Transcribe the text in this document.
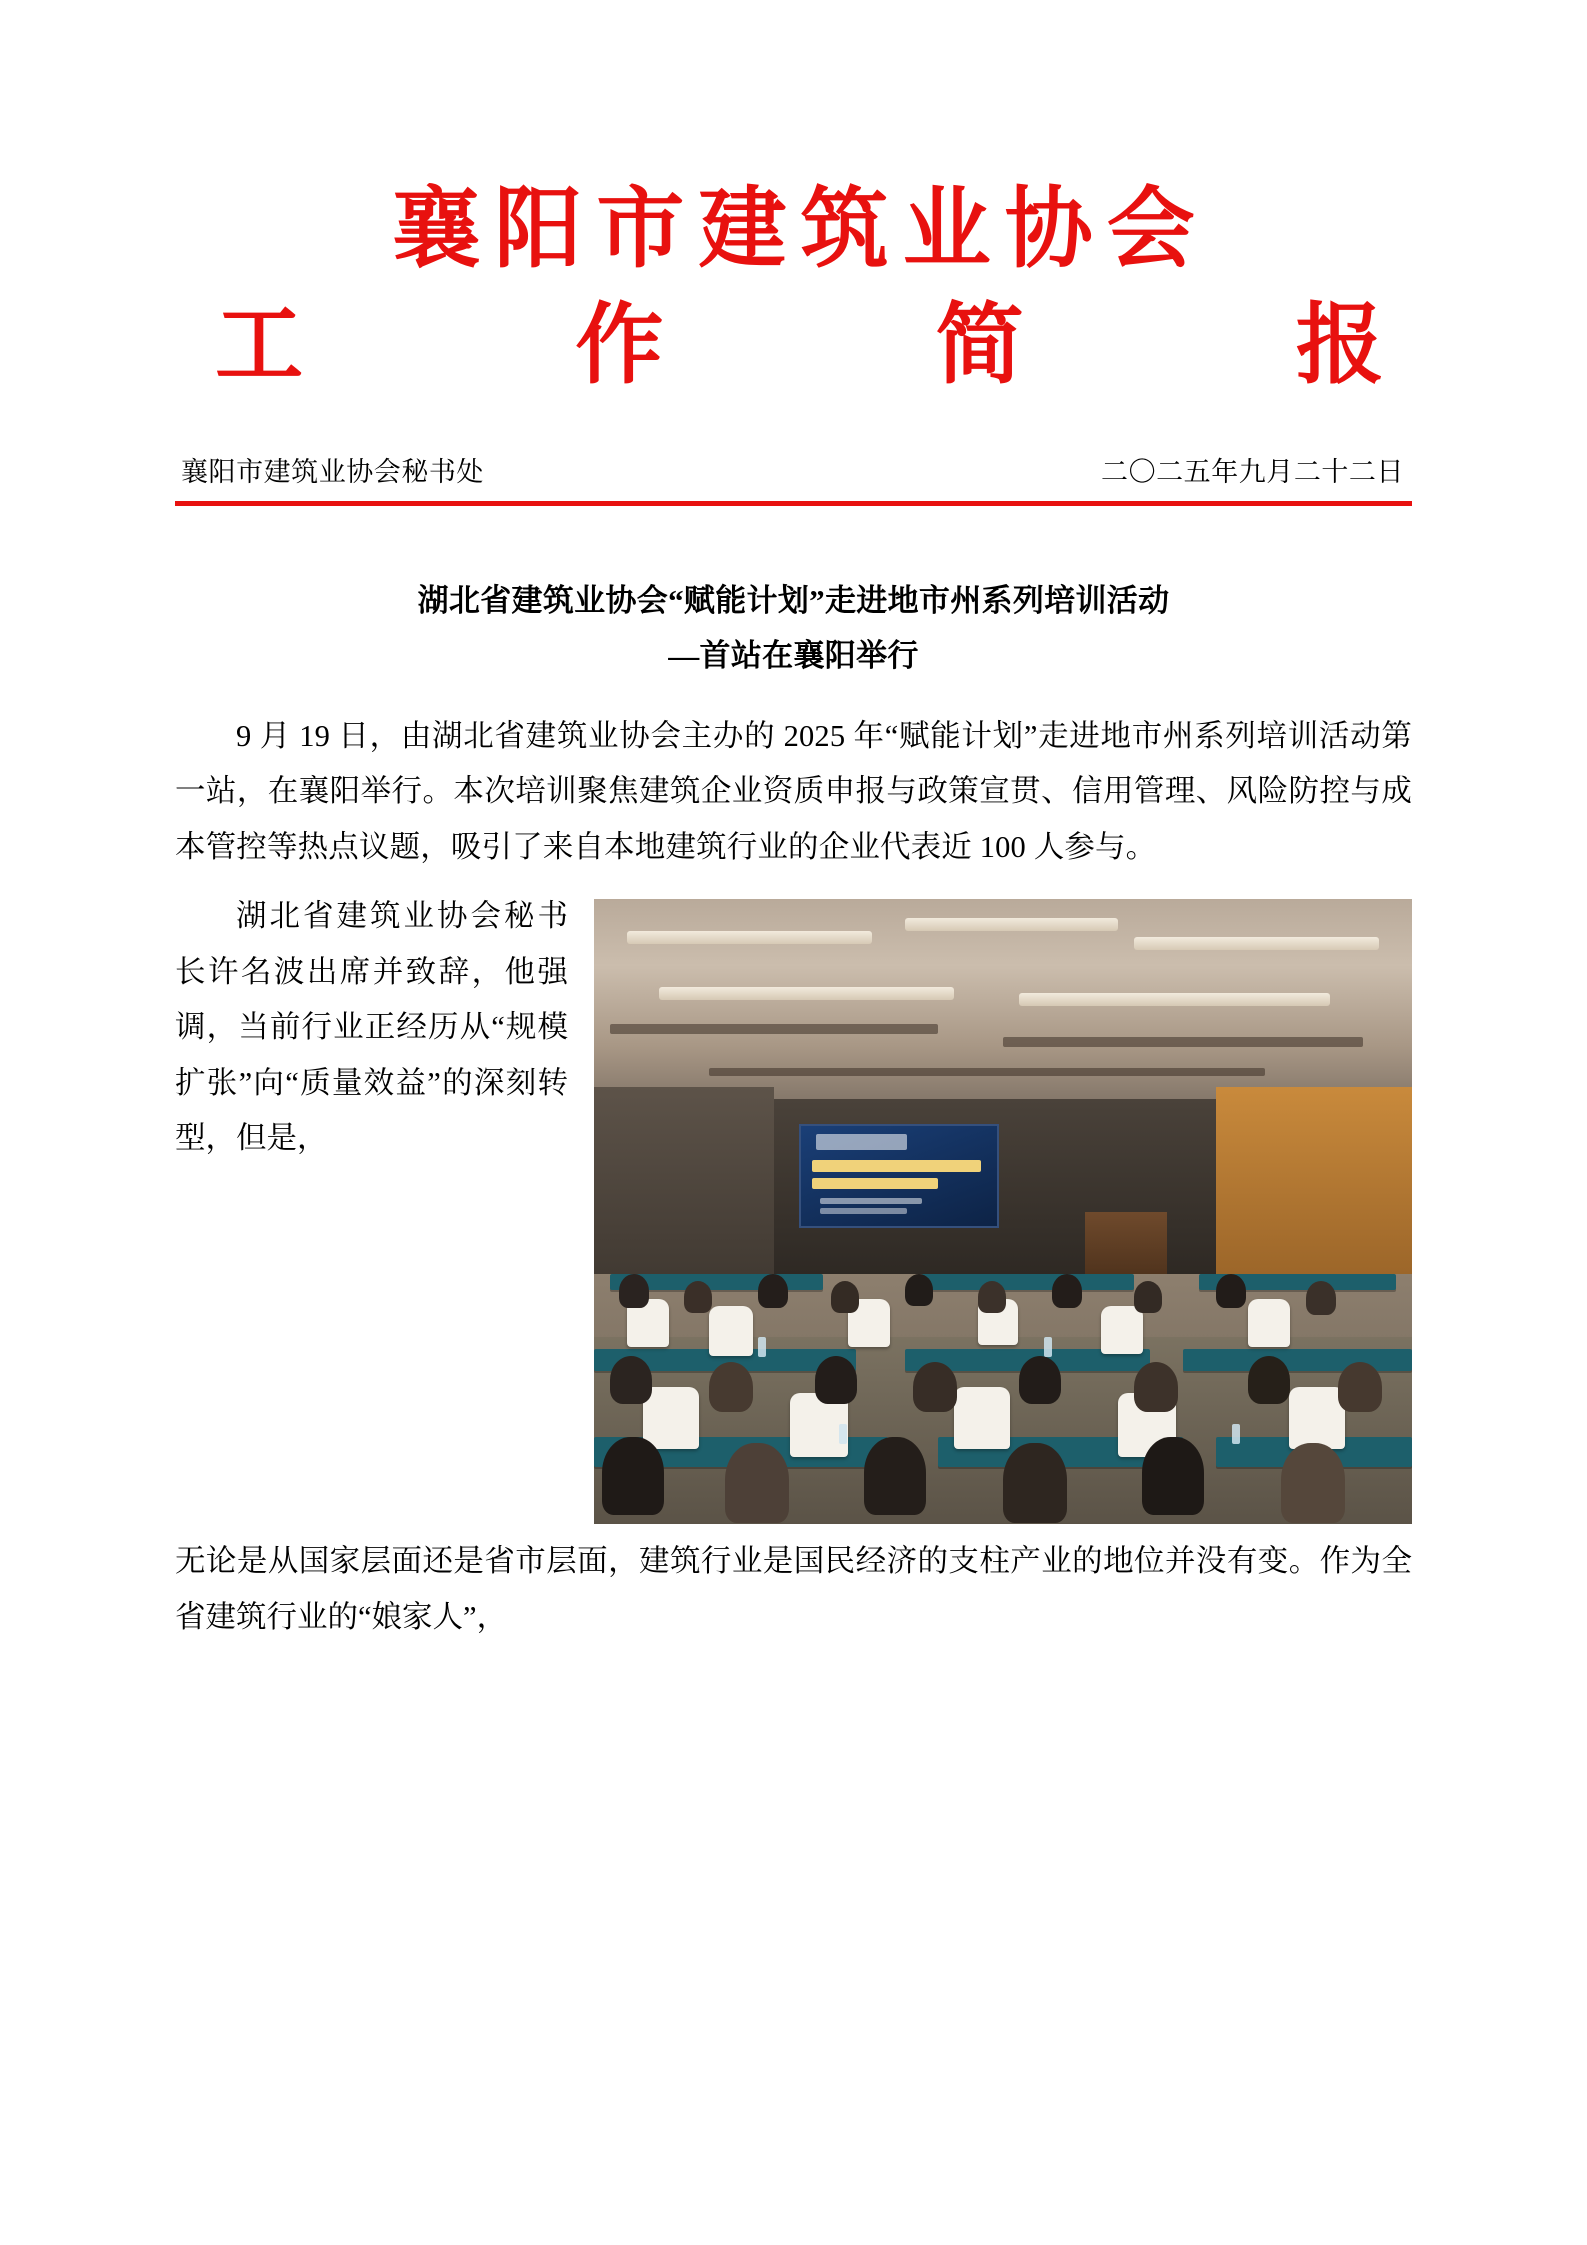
襄阳市建筑业协会
工	作	简	报
襄阳市建筑业协会秘书处	二〇二五年九月二十二日
湖北省建筑业协会“赋能计划”走进地市州系列培训活动
—首站在襄阳举行
9 月 19 日，由湖北省建筑业协会主办的 2025 年“赋能计划”走进地市州系列培训活动第一站，在襄阳举行。本次培训聚焦建筑企业资质申报与政策宣贯、信用管理、风险防控与成本管控等热点议题，吸引了来自本地建筑行业的企业代表近 100 人参与。
湖北省建筑业协会秘书长许名波出席并致辞，他强调，当前行业正经历从“规模扩张”向“质量效益”的深刻转型，但是，
无论是从国家层面还是省市层面，建筑行业是国民经济的支柱产业的地位并没有变。作为全省建筑行业的“娘家人”，
